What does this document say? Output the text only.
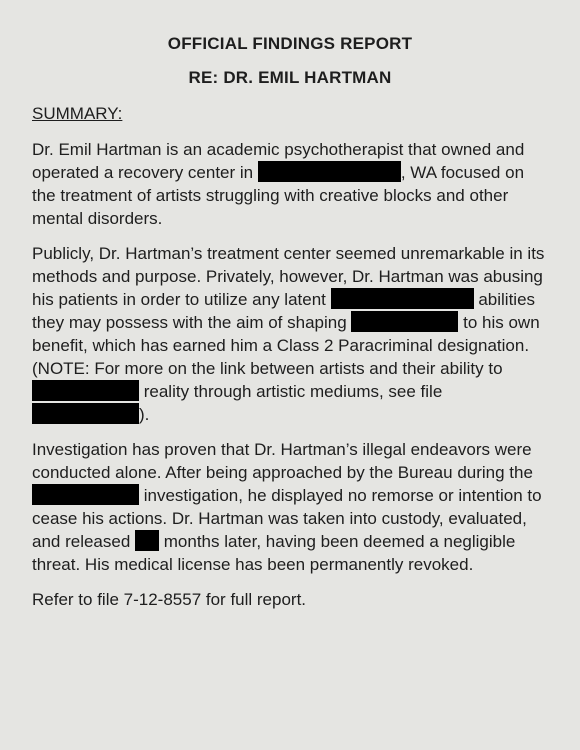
OFFICIAL FINDINGS REPORT
RE: DR. EMIL HARTMAN
SUMMARY:
Dr. Emil Hartman is an academic psychotherapist that owned and
operated a recovery center in	, WA focused on
the treatment of artists struggling with creative blocks and other
mental disorders.
Publicly, Dr. Hartman’s treatment center seemed unremarkable in its
methods and purpose. Privately, however, Dr. Hartman was abusing
his patients in order to utilize any latent	abilities
they may possess with the aim of shaping	to his own
benefit, which has earned him a Class 2 Paracriminal designation.
(NOTE: For more on the link between artists and their ability to
reality through artistic mediums, see file
).
Investigation has proven that Dr. Hartman’s illegal endeavors were
conducted alone. After being approached by the Bureau during the
investigation, he displayed no remorse or intention to
cease his actions. Dr. Hartman was taken into custody, evaluated,
and released  months later, having been deemed a negligible
threat. His medical license has been permanently revoked.
Refer to file 7-12-8557 for full report.
